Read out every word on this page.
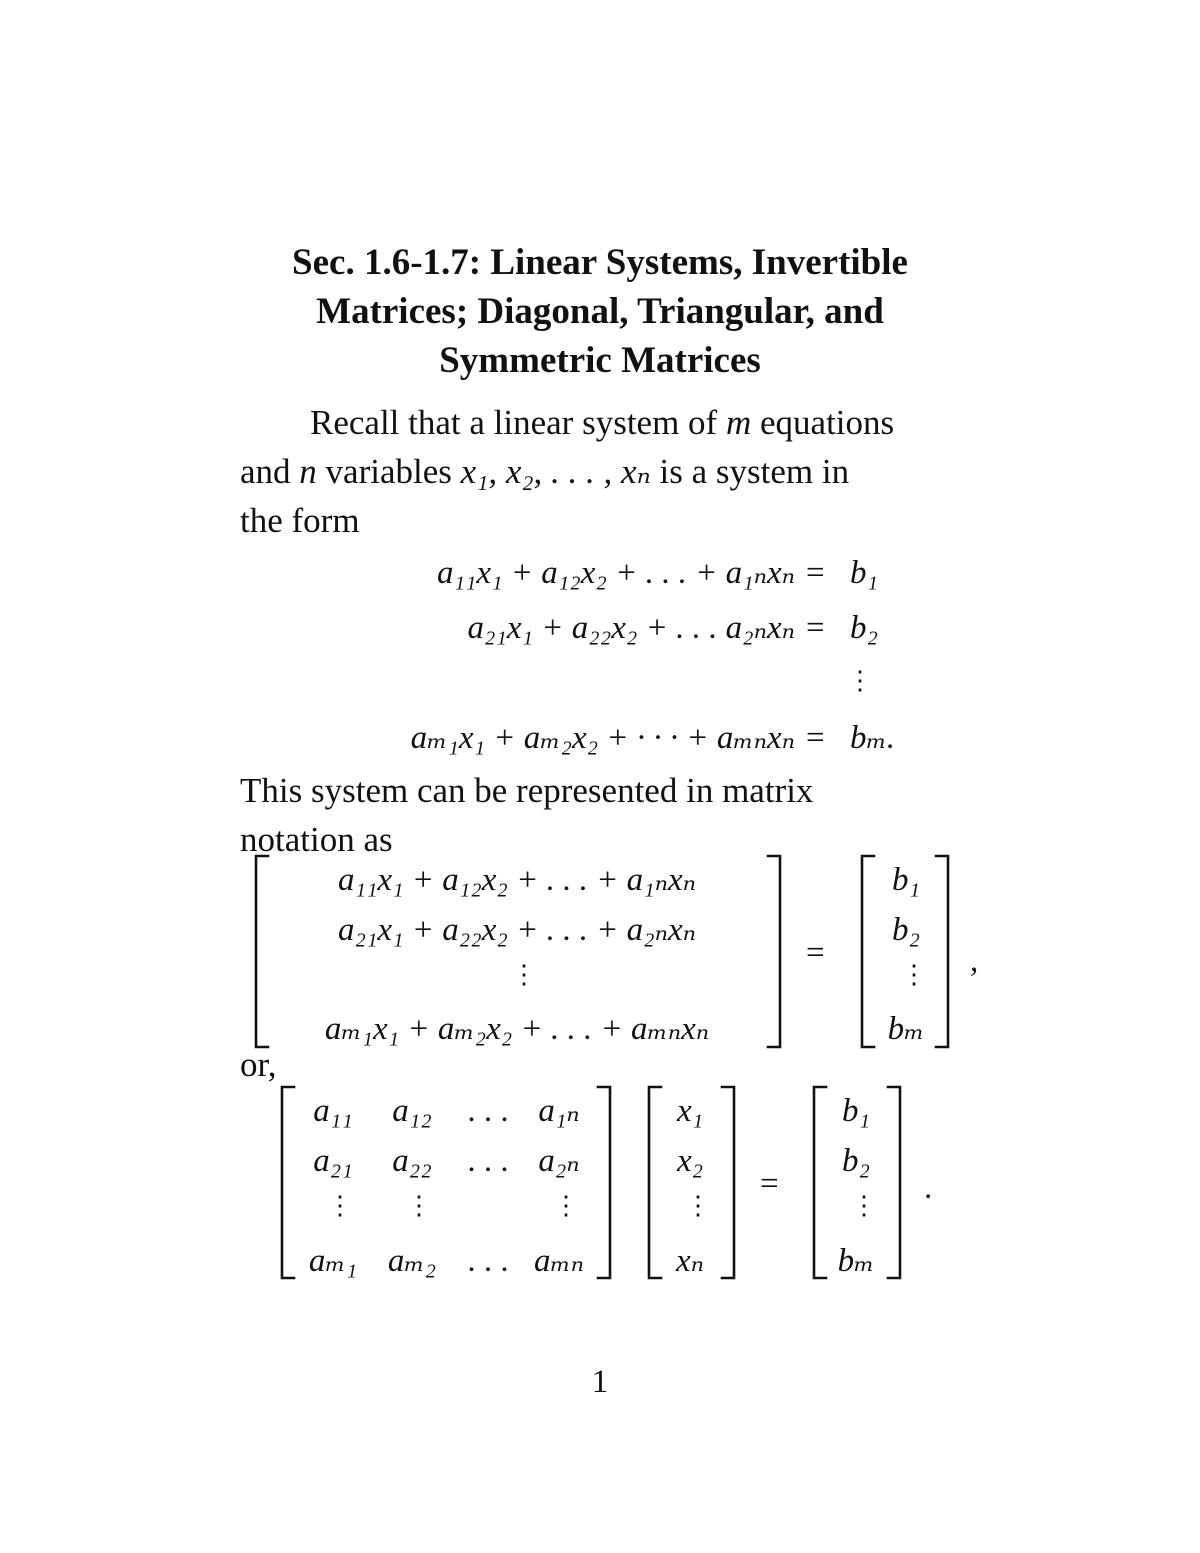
Sec. 1.6-1.7: Linear Systems, Invertible
Matrices; Diagonal, Triangular, and
Symmetric Matrices
Recall that a linear system of m equations
and n variables x₁, x₂, . . . , xₙ is a system in
the form
a₁₁x₁ + a₁₂x₂ + . . . + a₁ₙxₙ = b₁
a₂₁x₁ + a₂₂x₂ + . . . a₂ₙxₙ = b₂
⋮
aₘ₁x₁ + aₘ₂x₂ + · · · + aₘₙxₙ = bₘ.
This system can be represented in matrix
notation as
a₁₁x₁ + a₁₂x₂ + . . . + a₁ₙxₙ
a₂₁x₁ + a₂₂x₂ + . . . + a₂ₙxₙ
⋮
aₘ₁x₁ + aₘ₂x₂ + . . . + aₘₙxₙ
=
b₁
b₂
⋮
bₘ
,
or,
a₁₁ a₁₂ . . . a₁ₙ
a₂₁ a₂₂ . . . a₂ₙ
⋮ ⋮	⋮
aₘ₁ aₘ₂ . . . aₘₙ
x₁
x₂
⋮
xₙ
=
b₁
b₂
⋮
bₘ
.
1
